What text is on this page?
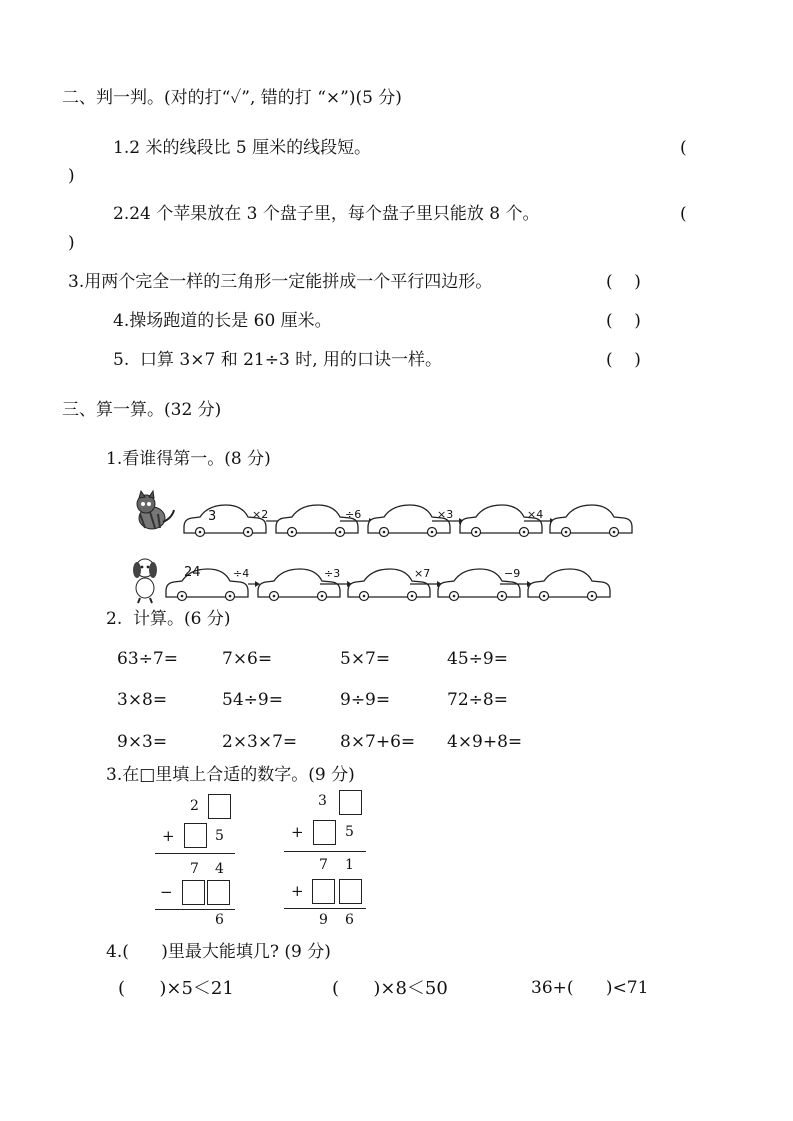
二、判一判。(对的打“✓”, 错的打 “×”)(5 分)
1.2 米的线段比 5 厘米的线段短。	(
)
2.24 个苹果放在 3 个盘子里，每个盘子里只能放 8 个。	(
)
3.用两个完全一样的三角形一定能拼成一个平行四边形。	(    )
4.操场跑道的长是 60 厘米。	(    )
5.  口算 3×7 和 21÷3 时, 用的口诀一样。	(    )
三、算一算。(32 分)
1.看谁得第一。(8 分)
3	×2	÷6	×3	×4
24	÷4	÷3	×7	−9
2.  计算。(6 分)
63÷7=	7×6=	5×7=	45÷9=
3×8=	54÷9=	9÷9=	72÷8=
9×3=	2×3×7=	8×7+6= 4×9+8=
3.在□里填上合适的数字。(9 分)
2
+	5
7 4
−
6
3
+	5
7 1
+
9 6
4.(      )里最大能填几? (9 分)
(      )×5＜21	(      )×8＜50	36+(      )<71
